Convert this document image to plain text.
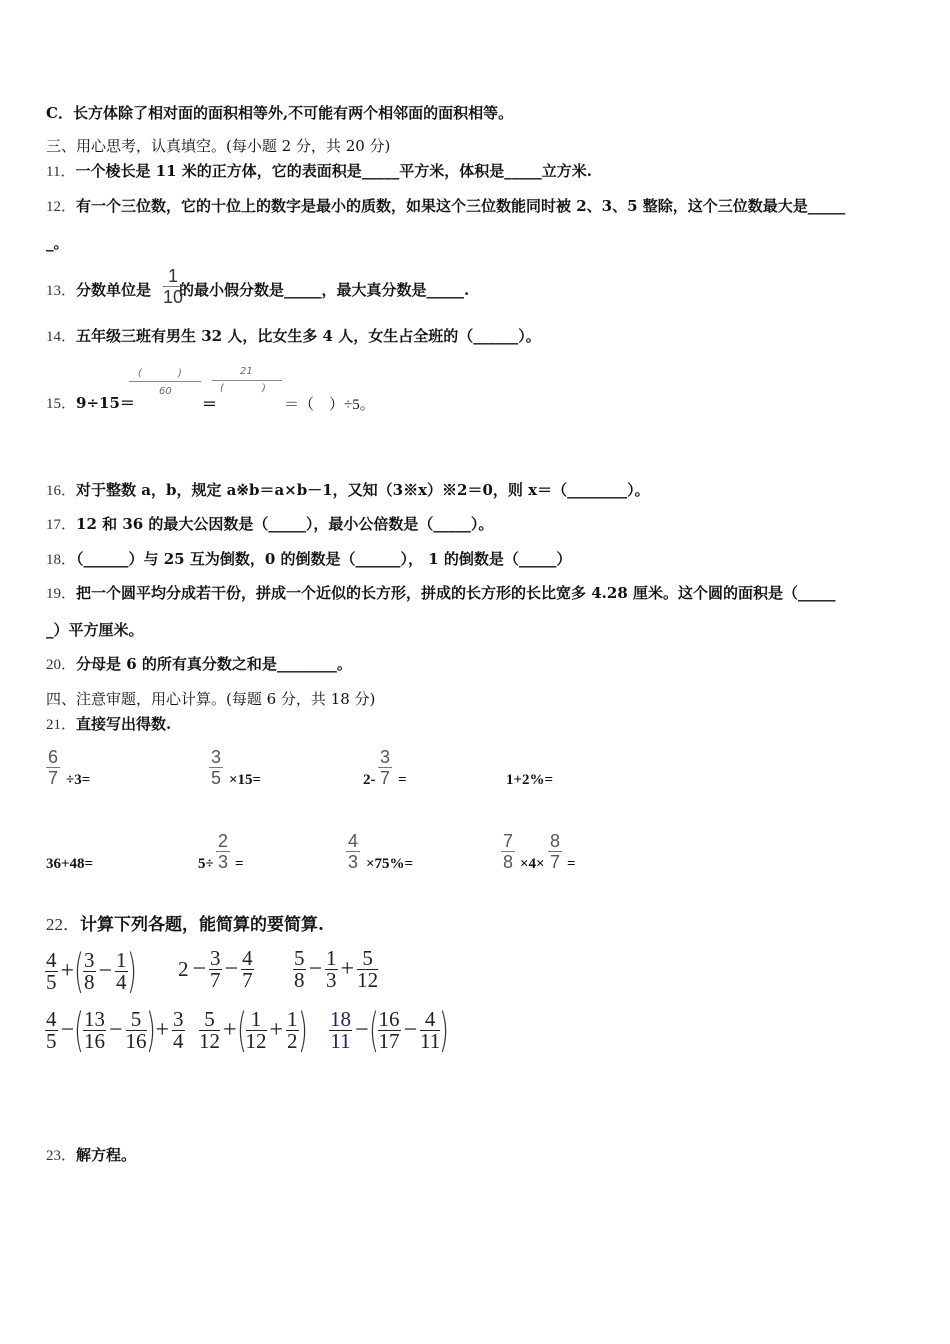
C．长方体除了相对面的面积相等外,不可能有两个相邻面的面积相等。
三、用心思考，认真填空。(每小题 2 分，共 20 分)
11．一个棱长是 11 米的正方体，它的表面积是_____平方米，体积是_____立方米.
12．有一个三位数，它的十位上的数字是最小的质数，如果这个三位数能同时被 2、3、5 整除，这个三位数最大是_____
_。
13．分数单位是 的最小假分数是_____，最大真分数是_____.
$\frac{1}{10}$
14．五年级三班有男生 32 人，比女生多 4 人，女生占全班的（______）。
15．9÷15＝
(	)
60
＝
21
(	)
＝（　）÷5。
16．对于整数 a，b，规定 a※b＝a×b－1，又知（3※x）※2＝0，则 x＝（________）。
17．12 和 36 的最大公因数是（_____），最小公倍数是（_____）。
18．（______）与 25 互为倒数，0 的倒数是（______）， 1 的倒数是（_____）
19．把一个圆平均分成若干份，拼成一个近似的长方形，拼成的长方形的长比宽多 4.28 厘米。这个圆的面积是（_____
_）平方厘米。
20．分母是 6 的所有真分数之和是________。
四、注意审题，用心计算。(每题 6 分，共 18 分)
21．直接写出得数.
$\frac{6}{7} \div 3=$	$\frac{3}{5} \times 15=$	$2- \frac{3}{7}$ =	1+2%=
36+48=	$5\div \frac{2}{3}$ =	$\frac{4}{3} \times 75\%=$	$\frac{7}{8} \times 4\times \frac{8}{7}$ =
22．计算下列各题，能简算的要简算.
$\frac{4}{5}$ +( $\frac{3}{8} - \frac{1}{4}$ ) $2 - \frac{3}{7} - \frac{4}{7} \frac{5}{8} - \frac{1}{3} + \frac{5}{12}$
$\frac{4}{5}$ −( $\frac{13}{16} - \frac{5}{16}$ )+ $\frac{3}{4} \frac{5}{12}$ +( $\frac{1}{12} + \frac{1}{2}$ ) $\frac{18}{11}$ −( $\frac{16}{17} - \frac{4}{11}$ )
23．解方程。
